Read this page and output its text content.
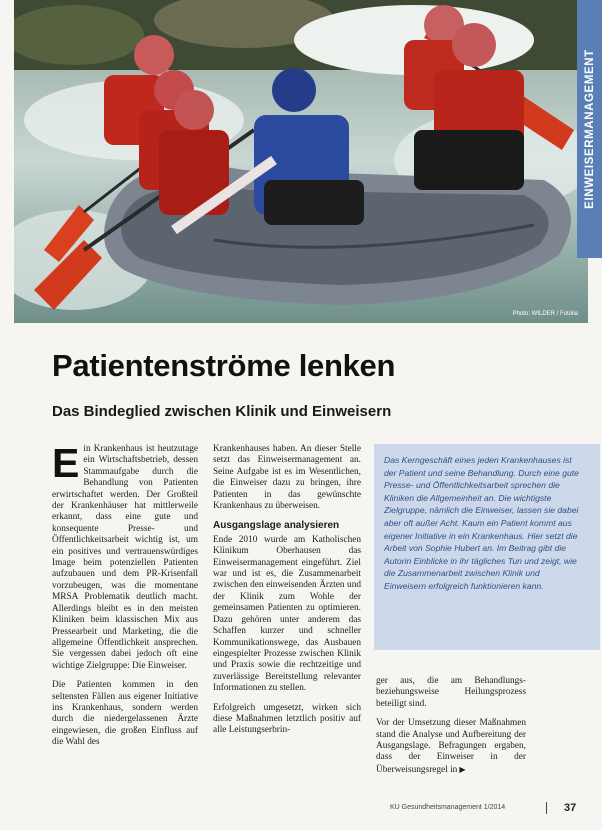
Photo: WILDER / Fotolia
EINWEISERMANAGEMENT
Patientenströme lenken
Das Bindeglied zwischen Klinik und Einweisern

Ein Krankenhaus ist heutzutage ein Wirtschaftsbetrieb, dessen Stammaufgabe durch die Behandlung von Patienten erwirtschaftet werden. Der Großteil der Krankenhäuser hat mittlerweile erkannt, dass eine gute und konsequente Presse- und Öffentlichkeitsarbeit wichtig ist, um ein positives und vertrauenswürdiges Image beim potenziellen Patienten aufzubauen und dem PR-Krisenfall vorzubeugen, was die momentane MRSA Problematik deutlich macht. Allerdings bleibt es in den meisten Kliniken beim klassischen Mix aus Pressearbeit und Marketing, die die allgemeine Öffentlichkeit ansprechen. Sie vergessen dabei jedoch oft eine wichtige Zielgruppe: Die Einweiser.

Die Patienten kommen in den seltensten Fällen aus eigener Initiative ins Krankenhaus, sondern werden durch die niedergelassenen Ärzte eingewiesen, die großen Einfluss auf die Wahl des

Krankenhauses haben. An dieser Stelle setzt das Einweisermanagement an. Seine Aufgabe ist es im Wesentlichen, die Einweiser dazu zu bringen, ihre Patienten in das gewünschte Krankenhaus zu überweisen.

Ausgangslage analysieren

Ende 2010 wurde am Katholischen Klinikum Oberhausen das Einweisermanagement eingeführt. Ziel war und ist es, die Zusammenarbeit zwischen den einweisenden Ärzten und der Klinik zum Wohle der gemeinsamen Patienten zu optimieren. Dazu gehören unter anderem das Schaffen kurzer und schneller Kommunikationswege, das Ausbauen eingespielter Prozesse zwischen Klinik und Praxis sowie die rechtzeitige und zuverlässige Bereitstellung relevanter Informationen zu stellen.

Erfolgreich umgesetzt, wirken sich diese Maßnahmen letztlich positiv auf alle Leistungserbrin-

Das Kerngeschäft eines jeden Krankenhauses ist der Patient und seine Behandlung. Durch eine gute Presse- und Öffentlichkeitsarbeit sprechen die Kliniken die Allgemeinheit an. Die wichtigste Zielgruppe, nämlich die Einweiser, lassen sie dabei aber oft außer Acht. Kaum ein Patient kommt aus eigener Initiative in ein Krankenhaus. Hier setzt die Arbeit von Sophie Hubert an. Im Beitrag gibt die Autorin Einblicke in ihr tägliches Tun und zeigt, wie die Zusammenarbeit zwischen Klinik und Einweisern erfolgreich funktionieren kann.

ger aus, die am Behandlungs- beziehungsweise Heilungsprozess beteiligt sind.

Vor der Umsetzung dieser Maßnahmen stand die Analyse und Aufbereitung der Ausgangslage. Befragungen ergaben, dass der Einweiser in der Überweisungsregel in ▶

KU Gesundheitsmanagement 1/2014	37
